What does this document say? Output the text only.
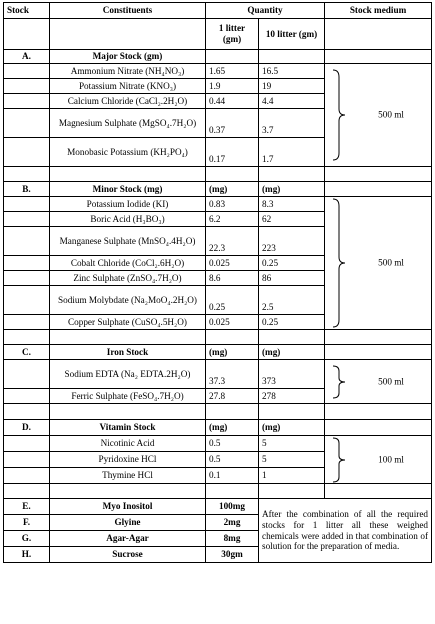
Stock	Constituents	Quantity		Stock medium
		1 litter (gm)	10 litter (gm)	
A.	Major Stock (gm)			
	Ammonium Nitrate (NH₄NO₃)	1.65	16.5	500 ml

	Potassium Nitrate (KNO₃)	1.9	19	
	Calcium Chloride (CaCl₂.2H₂O)	0.44	4.4	
	Magnesium Sulphate (MgSO₄.7H₂O)	0.37	3.7	
	Monobasic Potassium (KH₂PO₄)	0.17	1.7	

B.	Minor Stock (mg)	(mg)	(mg)	
	Potassium Iodide (KI)	0.83	8.3	500 ml

	Boric Acid (H₃BO₃)	6.2	62	
	Manganese Sulphate (MnSO₄.4H₂O)	22.3	223	
	Cobalt Chloride (CoCl₂.6H₂O)	0.025	0.25	
	Zinc Sulphate (ZnSO₄.7H₂O)	8.6	86	
	Sodium Molybdate (Na₂MoO₄.2H₂O)	0.25	2.5	
	Copper Sulphate (CuSO₄.5H₂O)	0.025	0.25	

C.	Iron Stock	(mg)	(mg)	
	Sodium EDTA (Na₂ EDTA.2H₂O)	37.3	373	500 ml

	Ferric Sulphate (FeSO₄.7H₂O)	27.8	278	

D.	Vitamin Stock	(mg)	(mg)	
	Nicotinic Acid	0.5	5	100 ml

	Pyridoxine HCl	0.5	5	
	Thymine HCl	0.1	1	

E.	Myo Inositol	100mg	After the combination of all the required stocks for 1 litter all these weighed chemicals were added in that combination of solution for the preparation of media.	
F.	Glyine	2mg		
G.	Agar-Agar	8mg		
H.	Sucrose	30gm		
